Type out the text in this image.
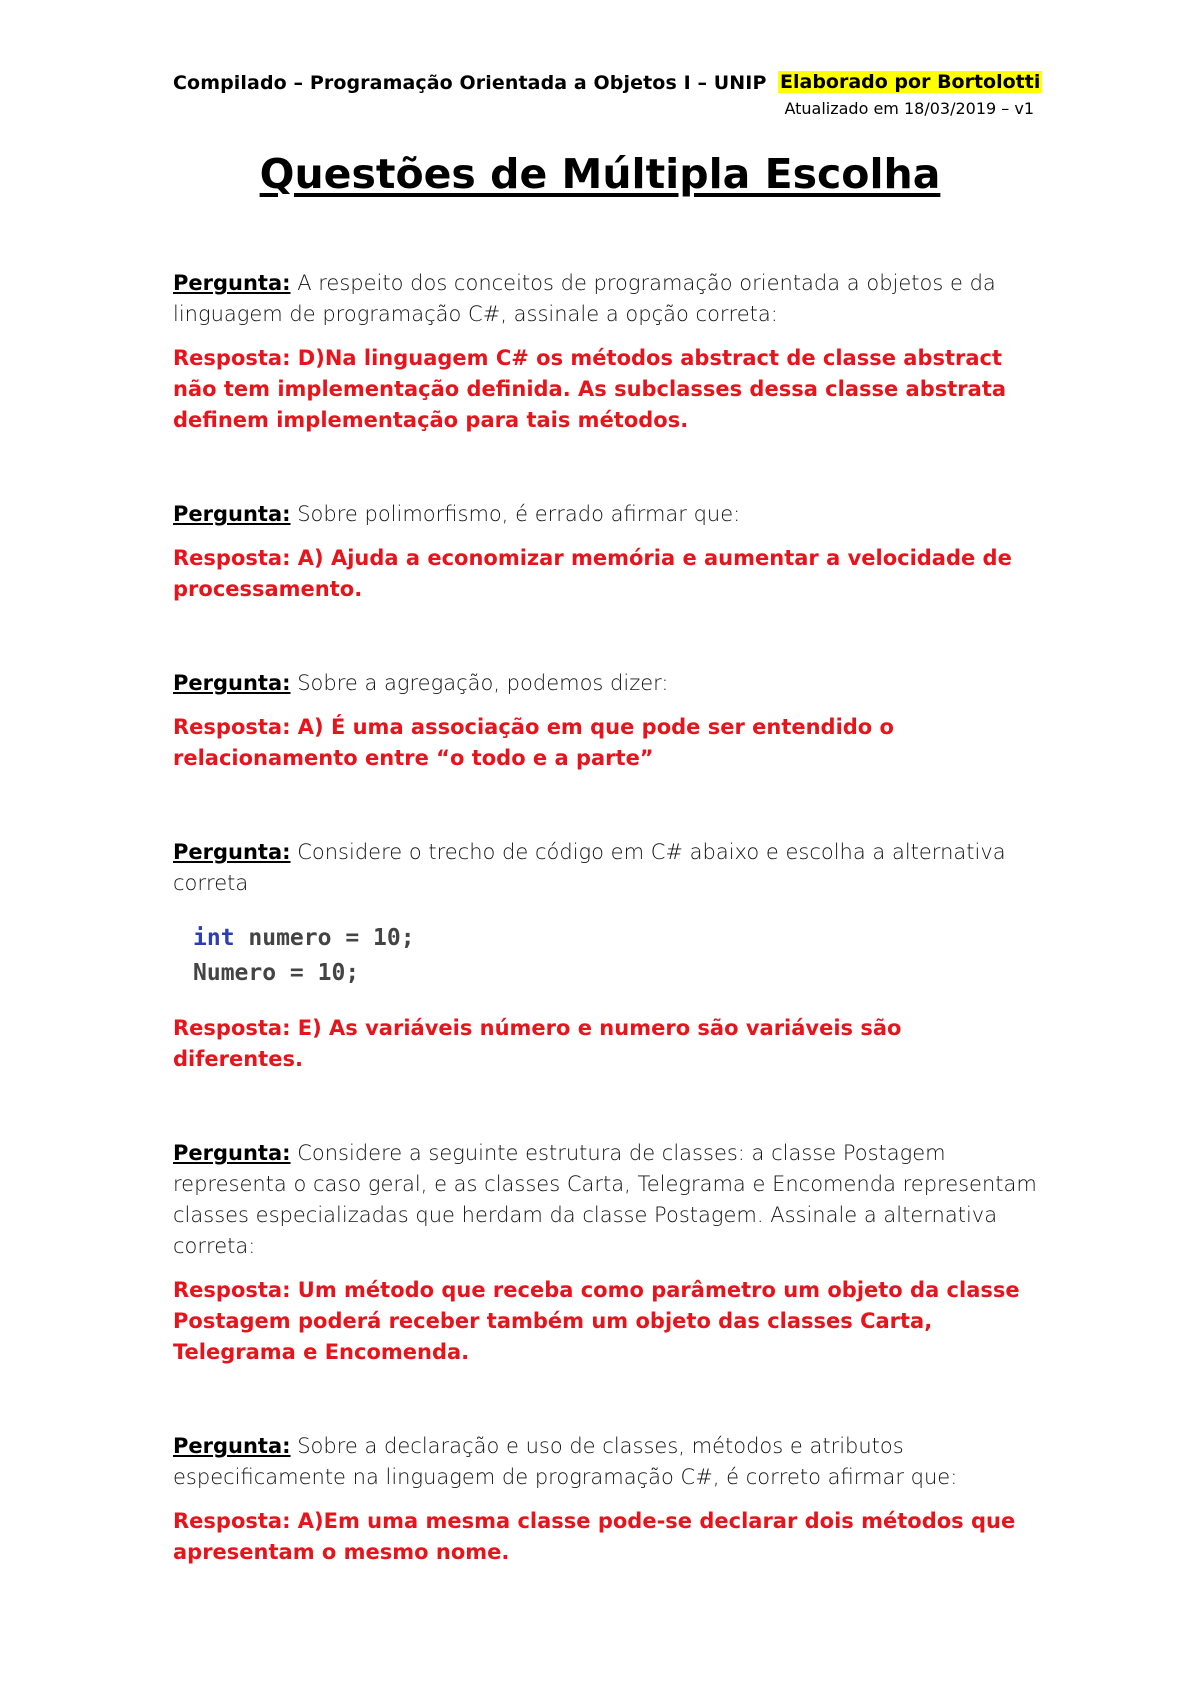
Compilado – Programação Orientada a Objetos I – UNIP Elaborado por Bortolotti
Atualizado em 18/03/2019 – v1
Questões de Múltipla Escolha

Pergunta: A respeito dos conceitos de programação orientada a objetos e da linguagem de programação C#, assinale a opção correta:

Resposta: D)Na linguagem C# os métodos abstract de classe abstract não tem implementação definida. As subclasses dessa classe abstrata definem implementação para tais métodos.

Pergunta: Sobre polimorfismo, é errado afirmar que:

Resposta: A) Ajuda a economizar memória e aumentar a velocidade de processamento.

Pergunta: Sobre a agregação, podemos dizer:

Resposta: A) É uma associação em que pode ser entendido o relacionamento entre “o todo e a parte”

Pergunta: Considere o trecho de código em C# abaixo e escolha a alternativa correta

int numero = 10;
Numero = 10;

Resposta: E) As variáveis número e numero são variáveis são diferentes.

Pergunta: Considere a seguinte estrutura de classes: a classe Postagem representa o caso geral, e as classes Carta, Telegrama e Encomenda representam classes especializadas que herdam da classe Postagem. Assinale a alternativa correta:

Resposta: Um método que receba como parâmetro um objeto da classe Postagem poderá receber também um objeto das classes Carta, Telegrama e Encomenda.

Pergunta: Sobre a declaração e uso de classes, métodos e atributos especificamente na linguagem de programação C#, é correto afirmar que:

Resposta: A)Em uma mesma classe pode-se declarar dois métodos que apresentam o mesmo nome.
